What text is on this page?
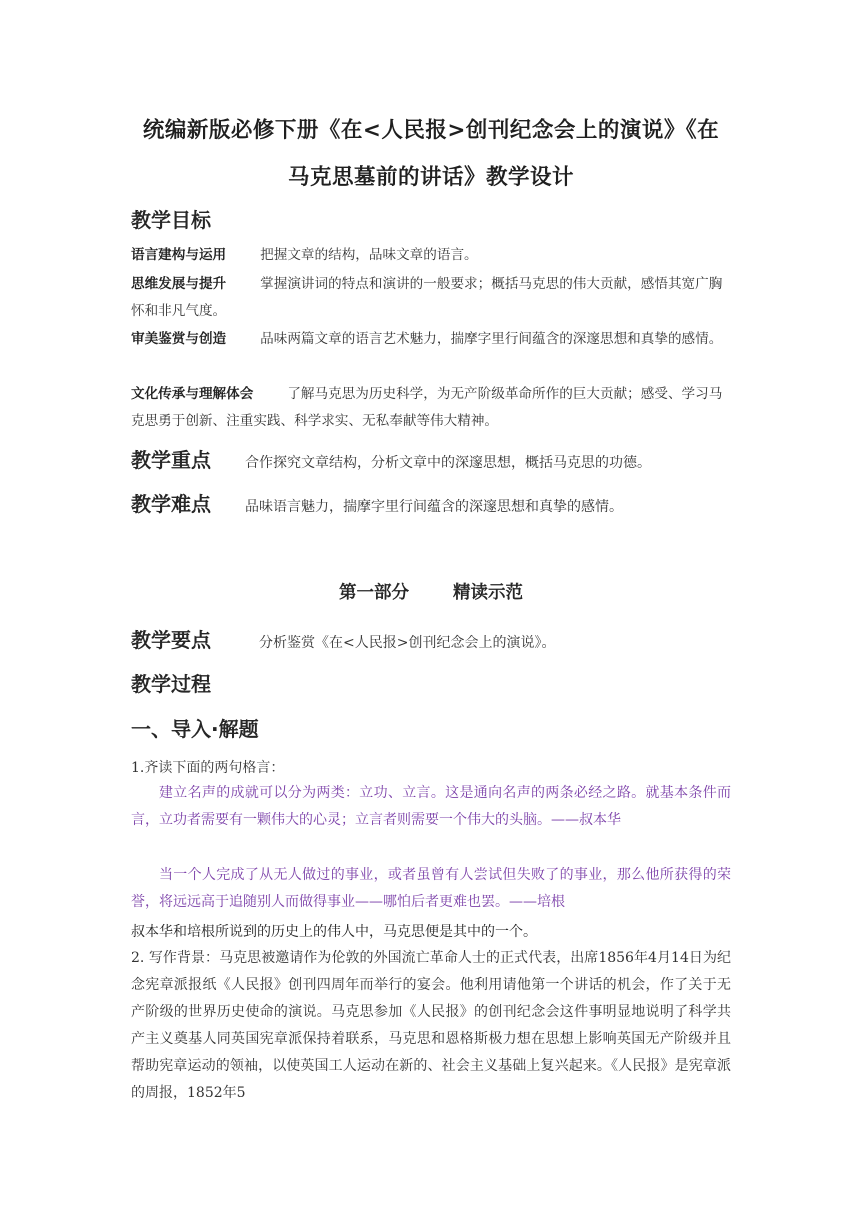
统编新版必修下册《在<人民报>创刊纪念会上的演说》《在
马克思墓前的讲话》教学设计
教学目标
语言建构与运用	把握文章的结构，品味文章的语言。
思维发展与提升	掌握演讲词的特点和演讲的一般要求；概括马克思的伟大贡献，感悟其宽广胸怀和非凡气度。
审美鉴赏与创造	品味两篇文章的语言艺术魅力，揣摩字里行间蕴含的深邃思想和真挚的感情。
文化传承与理解体会	了解马克思为历史科学，为无产阶级革命所作的巨大贡献；感受、学习马克思勇于创新、注重实践、科学求实、无私奉献等伟大精神。
教学重点 合作探究文章结构，分析文章中的深邃思想，概括马克思的功德。
教学难点 品味语言魅力，揣摩字里行间蕴含的深邃思想和真挚的感情。
第一部分	精读示范
教学要点	分析鉴赏《在<人民报>创刊纪念会上的演说》。
教学过程
一、导入·解题
1.齐读下面的两句格言：
建立名声的成就可以分为两类：立功、立言。这是通向名声的两条必经之路。就基本条件而言，立功者需要有一颗伟大的心灵；立言者则需要一个伟大的头脑。——叔本华
当一个人完成了从无人做过的事业，或者虽曾有人尝试但失败了的事业，那么他所获得的荣誉，将远远高于追随别人而做得事业——哪怕后者更难也罢。——培根
叔本华和培根所说到的历史上的伟人中，马克思便是其中的一个。
2. 写作背景：马克思被邀请作为伦敦的外国流亡革命人士的正式代表，出席1856年4月14日为纪念宪章派报纸《人民报》创刊四周年而举行的宴会。他利用请他第一个讲话的机会，作了关于无产阶级的世界历史使命的演说。马克思参加《人民报》的创刊纪念会这件事明显地说明了科学共产主义奠基人同英国宪章派保持着联系，马克思和恩格斯极力想在思想上影响英国无产阶级并且帮助宪章运动的领袖，以使英国工人运动在新的、社会主义基础上复兴起来。《人民报》是宪章派的周报，1852年5
